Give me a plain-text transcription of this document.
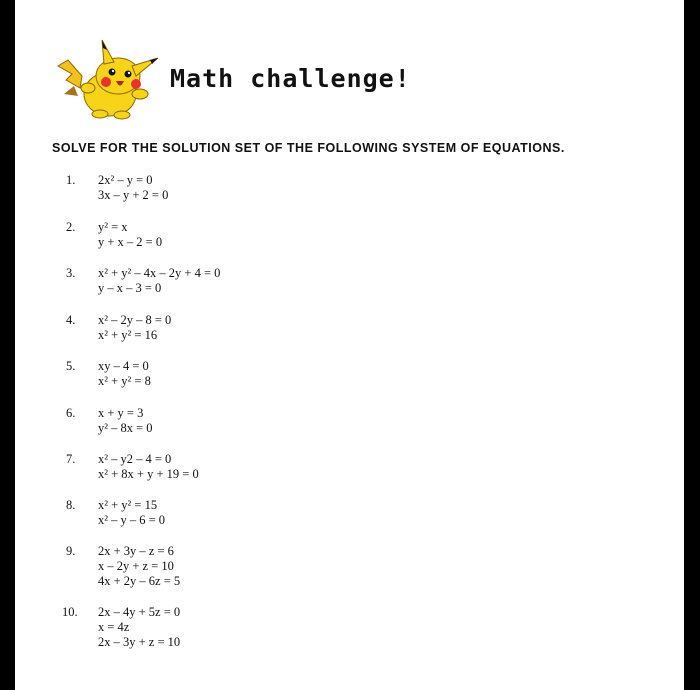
Math challenge!
SOLVE FOR THE SOLUTION SET OF THE FOLLOWING SYSTEM OF EQUATIONS.
1.	2x² – y = 0
3x – y + 2 = 0
2.	y² = x
y + x – 2 = 0
3.	x² + y² – 4x – 2y + 4 = 0
y – x – 3 = 0
4.	x² – 2y – 8 = 0
x² + y² = 16
5.	xy – 4 = 0
x² + y² = 8
6.	x + y = 3
y² – 8x = 0
7.	x² – y2 – 4 = 0
x² + 8x + y + 19 = 0
8.	x² + y² = 15
x² – y – 6 = 0
9.	2x + 3y – z = 6
x – 2y + z = 10
4x + 2y – 6z = 5
10.	2x – 4y + 5z = 0
x = 4z
2x – 3y + z = 10
